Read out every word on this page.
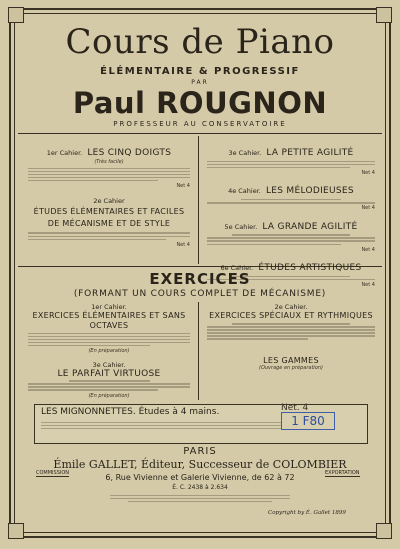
Cours de Piano
ÉLÉMENTAIRE & PROGRESSIF
PAR
Paul ROUGNON
PROFESSEUR AU CONSERVATOIRE
1er Cahier. LES CINQ DOIGTS
(Très facile)
Net 4
2e Cahier
ÉTUDES ÉLÉMENTAIRES ET FACILES DE MÉCANISME ET DE STYLE
Net 4
3e Cahier. LA PETITE AGILITÉ
Net 4
4e Cahier. LES MÉLODIEUSES
Net 4
5e Cahier. LA GRANDE AGILITÉ
Net 4
6e Cahier. ÉTUDES ARTISTIQUES
Net 4
EXERCICES
(FORMANT UN COURS COMPLET DE MÉCANISME)
1er Cahier.
EXERCICES ÉLÉMENTAIRES ET SANS OCTAVES
(En préparation)
3e Cahier.
LE PARFAIT VIRTUOSE
(En préparation)
2e Cahier.
EXERCICES SPÉCIAUX ET RYTHMIQUES
LES GAMMES
(Ouvrage en préparation)
LES MIGNONNETTES. Études à 4 mains.	Net. 4
1 F80
PARIS
Émile GALLET, Éditeur, Successeur de COLOMBIER
6, Rue Vivienne et Galerie Vivienne, de 62 à 72
COMMISSION	EXPORTATION
É. C. 2438 à 2.634
Copyright by É. Gallet 1899
